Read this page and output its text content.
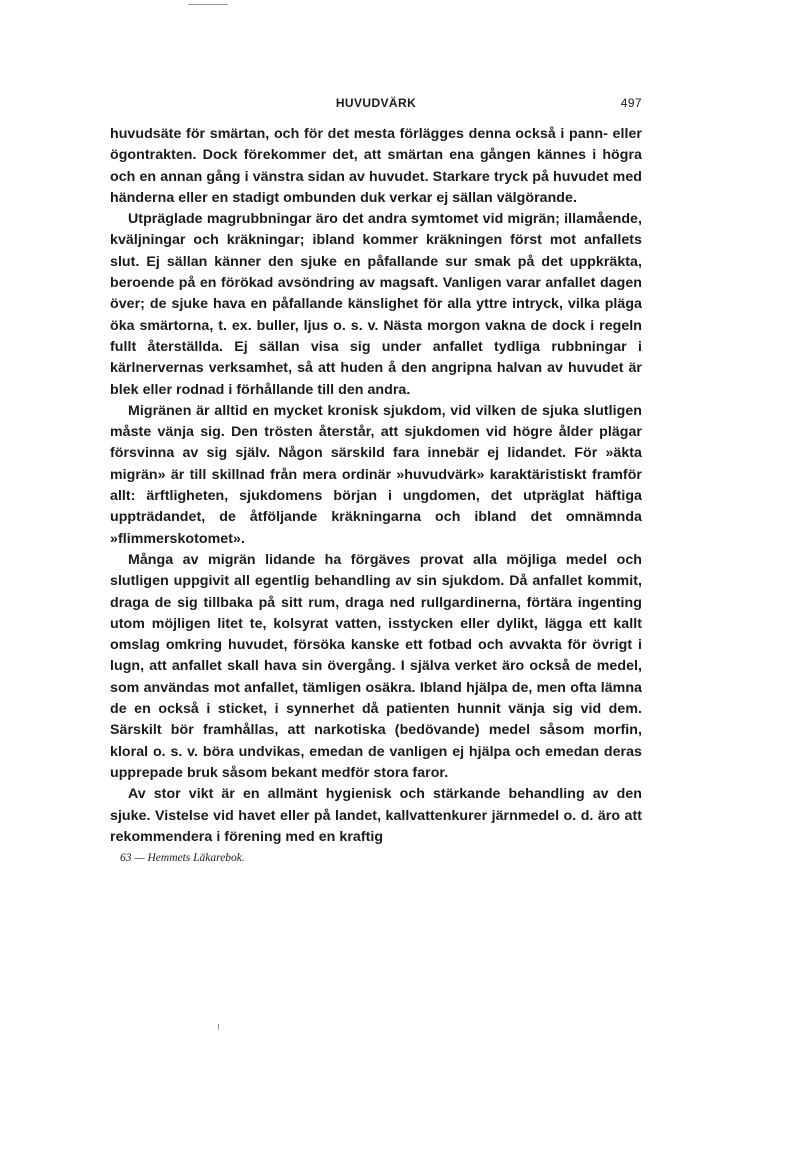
HUVUDVÄRK	497

huvudsäte för smärtan, och för det mesta förlägges denna också i pann- eller ögontrakten. Dock förekommer det, att smärtan ena gången kännes i högra och en annan gång i vänstra sidan av huvudet. Starkare tryck på huvudet med händerna eller en stadigt ombunden duk verkar ej sällan välgörande.

Utpräglade magrubbningar äro det andra symtomet vid migrän; illamående, kväljningar och kräkningar; ibland kommer kräkningen först mot anfallets slut. Ej sällan känner den sjuke en påfallande sur smak på det uppkräkta, beroende på en förökad avsöndring av magsaft. Vanligen varar anfallet dagen över; de sjuke hava en påfallande känslighet för alla yttre intryck, vilka pläga öka smärtorna, t. ex. buller, ljus o. s. v. Nästa morgon vakna de dock i regeln fullt återställda. Ej sällan visa sig under anfallet tydliga rubbningar i kärlnervernas verksamhet, så att huden å den angripna halvan av huvudet är blek eller rodnad i förhållande till den andra.

Migränen är alltid en mycket kronisk sjukdom, vid vilken de sjuka slutligen måste vänja sig. Den trösten återstår, att sjukdomen vid högre ålder plägar försvinna av sig själv. Någon särskild fara innebär ej lidandet. För »äkta migrän» är till skillnad från mera ordinär »huvudvärk» karaktäristiskt framför allt: ärftligheten, sjukdomens början i ungdomen, det utpräglat häftiga uppträdandet, de åtföljande kräkningarna och ibland det omnämnda »flimmerskotomet».

Många av migrän lidande ha förgäves provat alla möjliga medel och slutligen uppgivit all egentlig behandling av sin sjukdom. Då anfallet kommit, draga de sig tillbaka på sitt rum, draga ned rullgardinerna, förtära ingenting utom möjligen litet te, kolsyrat vatten, isstycken eller dylikt, lägga ett kallt omslag omkring huvudet, försöka kanske ett fotbad och avvakta för övrigt i lugn, att anfallet skall hava sin övergång. I själva verket äro också de medel, som användas mot anfallet, tämligen osäkra. Ibland hjälpa de, men ofta lämna de en också i sticket, i synnerhet då patienten hunnit vänja sig vid dem. Särskilt bör framhållas, att narkotiska (bedövande) medel såsom morfin, kloral o. s. v. böra undvikas, emedan de vanligen ej hjälpa och emedan deras upprepade bruk såsom bekant medför stora faror.

Av stor vikt är en allmänt hygienisk och stärkande behandling av den sjuke. Vistelse vid havet eller på landet, kallvattenkurer järnmedel o. d. äro att rekommendera i förening med en kraftig

63 — Hemmets Läkarebok.
